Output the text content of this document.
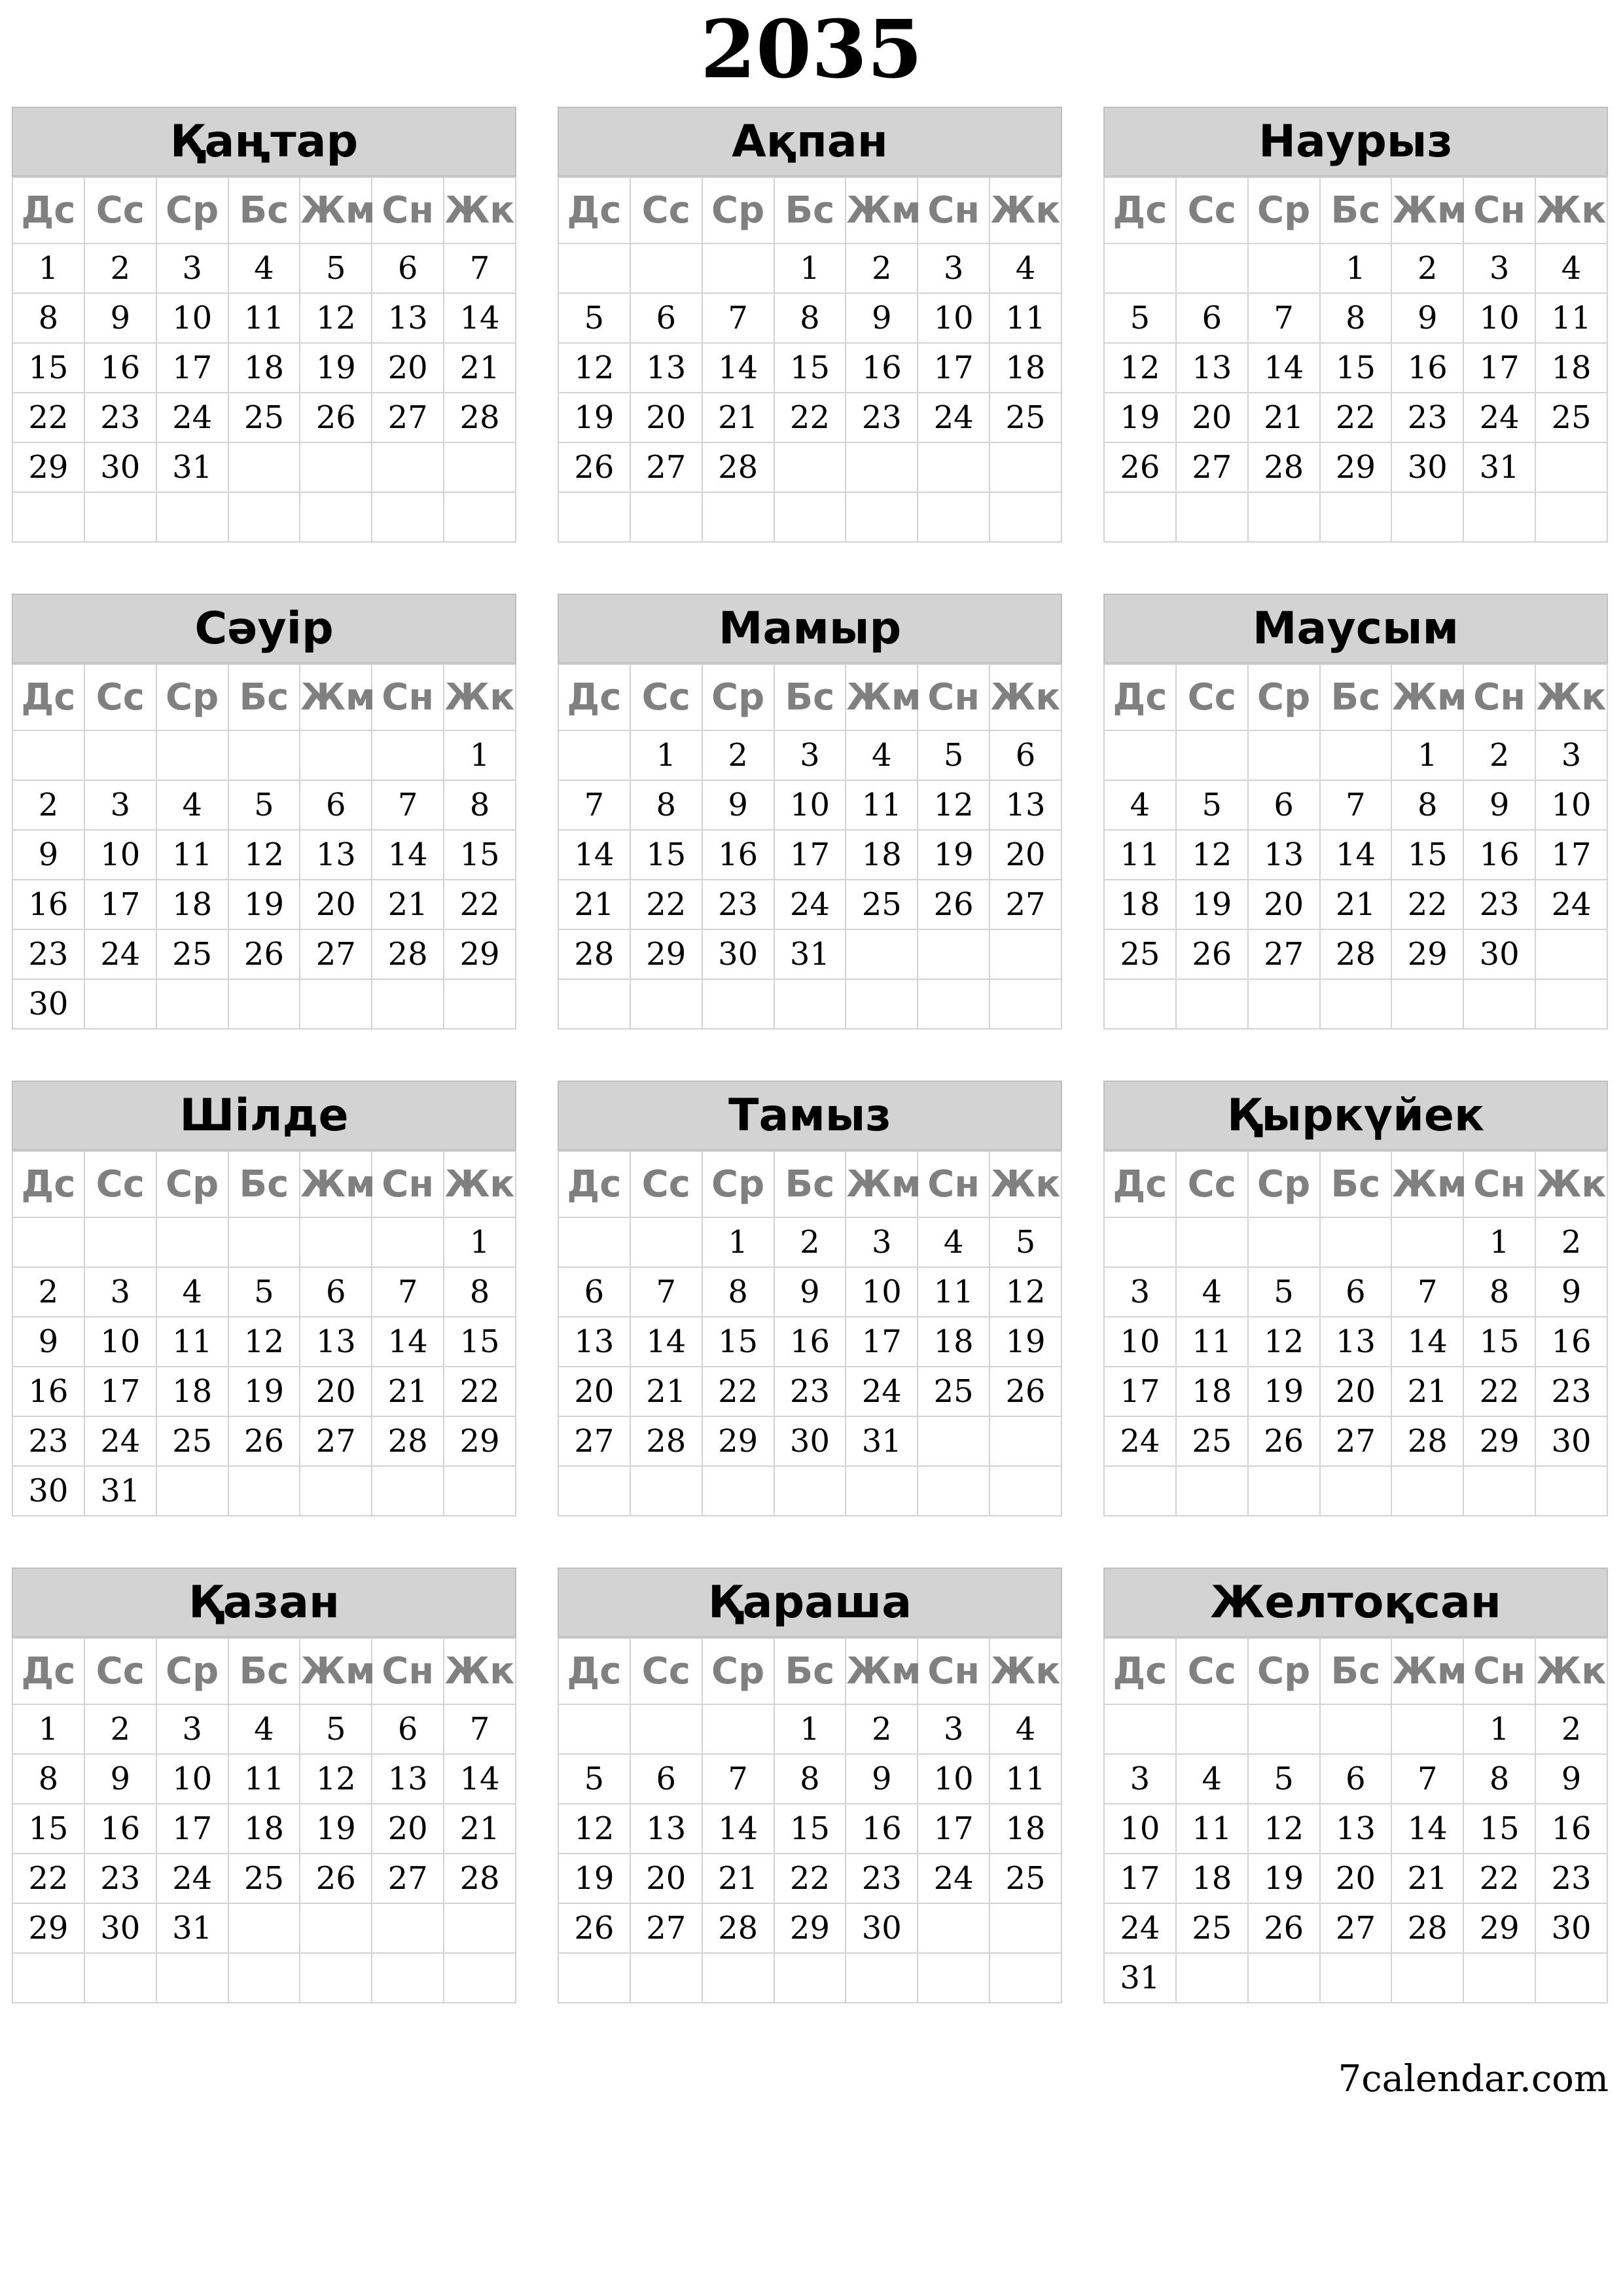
2035
Қаңтар
Дс	Сс	Ср	Бс	Жм	Сн	Жк
1	2	3	4	5	6	7
8	9	10	11	12	13	14
15	16	17	18	19	20	21
22	23	24	25	26	27	28
29	30	31				

Ақпан
Дс	Сс	Ср	Бс	Жм	Сн	Жк
			1	2	3	4
5	6	7	8	9	10	11
12	13	14	15	16	17	18
19	20	21	22	23	24	25
26	27	28				

Наурыз
Дс	Сс	Ср	Бс	Жм	Сн	Жк
			1	2	3	4
5	6	7	8	9	10	11
12	13	14	15	16	17	18
19	20	21	22	23	24	25
26	27	28	29	30	31	

Сәуір
Дс	Сс	Ср	Бс	Жм	Сн	Жк
						1
2	3	4	5	6	7	8
9	10	11	12	13	14	15
16	17	18	19	20	21	22
23	24	25	26	27	28	29
30						
Мамыр
Дс	Сс	Ср	Бс	Жм	Сн	Жк
	1	2	3	4	5	6
7	8	9	10	11	12	13
14	15	16	17	18	19	20
21	22	23	24	25	26	27
28	29	30	31			

Маусым
Дс	Сс	Ср	Бс	Жм	Сн	Жк
				1	2	3
4	5	6	7	8	9	10
11	12	13	14	15	16	17
18	19	20	21	22	23	24
25	26	27	28	29	30	

Шілде
Дс	Сс	Ср	Бс	Жм	Сн	Жк
						1
2	3	4	5	6	7	8
9	10	11	12	13	14	15
16	17	18	19	20	21	22
23	24	25	26	27	28	29
30	31					
Тамыз
Дс	Сс	Ср	Бс	Жм	Сн	Жк
		1	2	3	4	5
6	7	8	9	10	11	12
13	14	15	16	17	18	19
20	21	22	23	24	25	26
27	28	29	30	31		

Қыркүйек
Дс	Сс	Ср	Бс	Жм	Сн	Жк
					1	2
3	4	5	6	7	8	9
10	11	12	13	14	15	16
17	18	19	20	21	22	23
24	25	26	27	28	29	30

Қазан
Дс	Сс	Ср	Бс	Жм	Сн	Жк
1	2	3	4	5	6	7
8	9	10	11	12	13	14
15	16	17	18	19	20	21
22	23	24	25	26	27	28
29	30	31				

Қараша
Дс	Сс	Ср	Бс	Жм	Сн	Жк
			1	2	3	4
5	6	7	8	9	10	11
12	13	14	15	16	17	18
19	20	21	22	23	24	25
26	27	28	29	30		

Желтоқсан
Дс	Сс	Ср	Бс	Жм	Сн	Жк
					1	2
3	4	5	6	7	8	9
10	11	12	13	14	15	16
17	18	19	20	21	22	23
24	25	26	27	28	29	30
31						
7calendar.com
